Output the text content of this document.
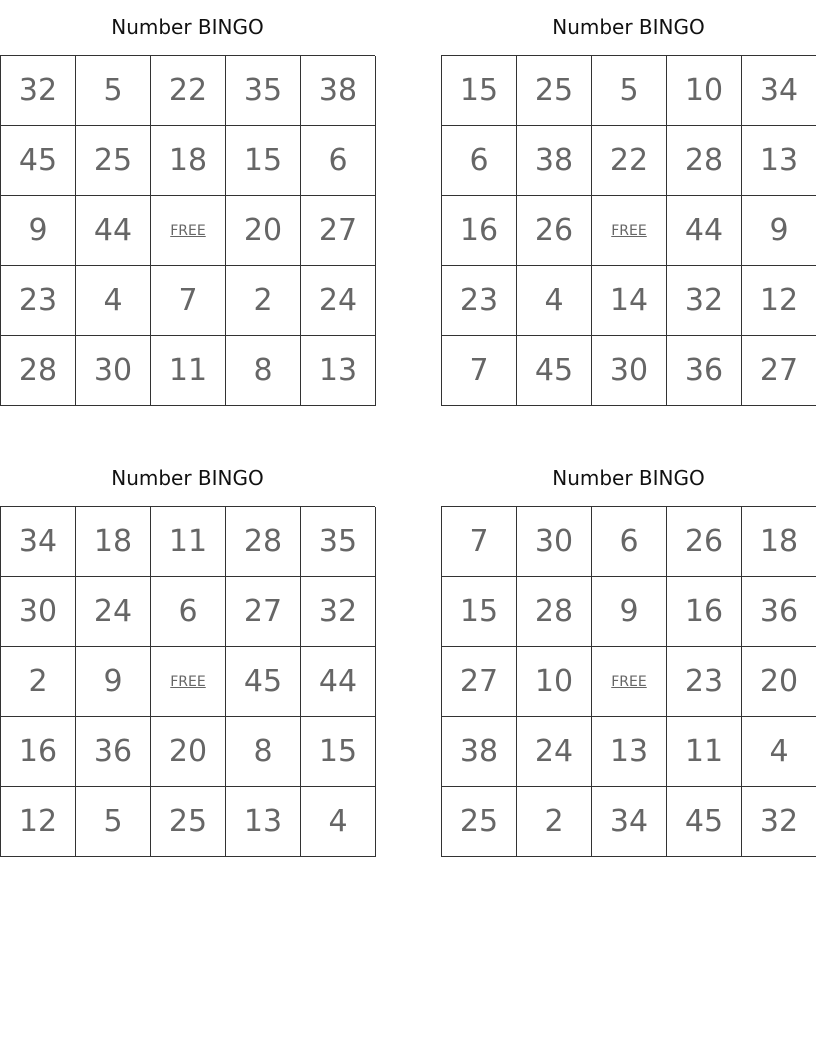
Number BINGO
32	5	22	35	38
45	25	18	15	6
9	44	FREE	20	27
23	4	7	2	24
28	30	11	8	13
Number BINGO
15	25	5	10	34
6	38	22	28	13
16	26	FREE	44	9
23	4	14	32	12
7	45	30	36	27
Number BINGO
34	18	11	28	35
30	24	6	27	32
2	9	FREE	45	44
16	36	20	8	15
12	5	25	13	4
Number BINGO
7	30	6	26	18
15	28	9	16	36
27	10	FREE	23	20
38	24	13	11	4
25	2	34	45	32
